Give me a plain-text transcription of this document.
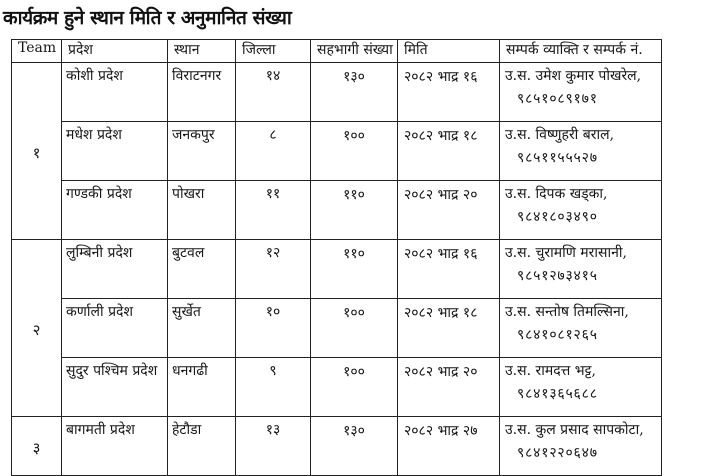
कार्यक्रम हुने स्थान मिति र अनुमानित संख्या
Team	प्रदेश	स्थान	जिल्ला	सहभागी संख्या	मिति	सम्पर्क व्याक्ति र सम्पर्क नं.
१	कोशी प्रदेश	विराटनगर	१४	१३०	२०८२ भाद्र १६	उ.स. उमेश कुमार पोखरेल,
९८५१०८९१७१

	मधेश प्रदेश	जनकपुर	८	१००	२०८२ भाद्र १८	उ.स. विष्णुहरी बराल,
९८५११५५५२७

	गण्डकी प्रदेश	पोखरा	११	११०	२०८२ भाद्र २०	उ.स. दिपक खड्का,
९८४१८०३४९०

२	लुम्बिनी प्रदेश	बुटवल	१२	११०	२०८२ भाद्र १६	उ.स. चुरामणि मरासानी,
९८५१२७३४१५

	कर्णाली प्रदेश	सुर्खेत	१०	१००	२०८२ भाद्र १८	उ.स. सन्तोष तिमल्सिना,
९८४१०८१२६५

	सुदुर पश्चिम प्रदेश	धनगढी	९	१००	२०८२ भाद्र २०	उ.स. रामदत्त भट्ट,
९८४१३६५६८८

३	बागमती प्रदेश	हेटौडा	१३	१३०	२०८२ भाद्र २७	उ.स. कुल प्रसाद सापकोटा,
९८४१२२०६४७
